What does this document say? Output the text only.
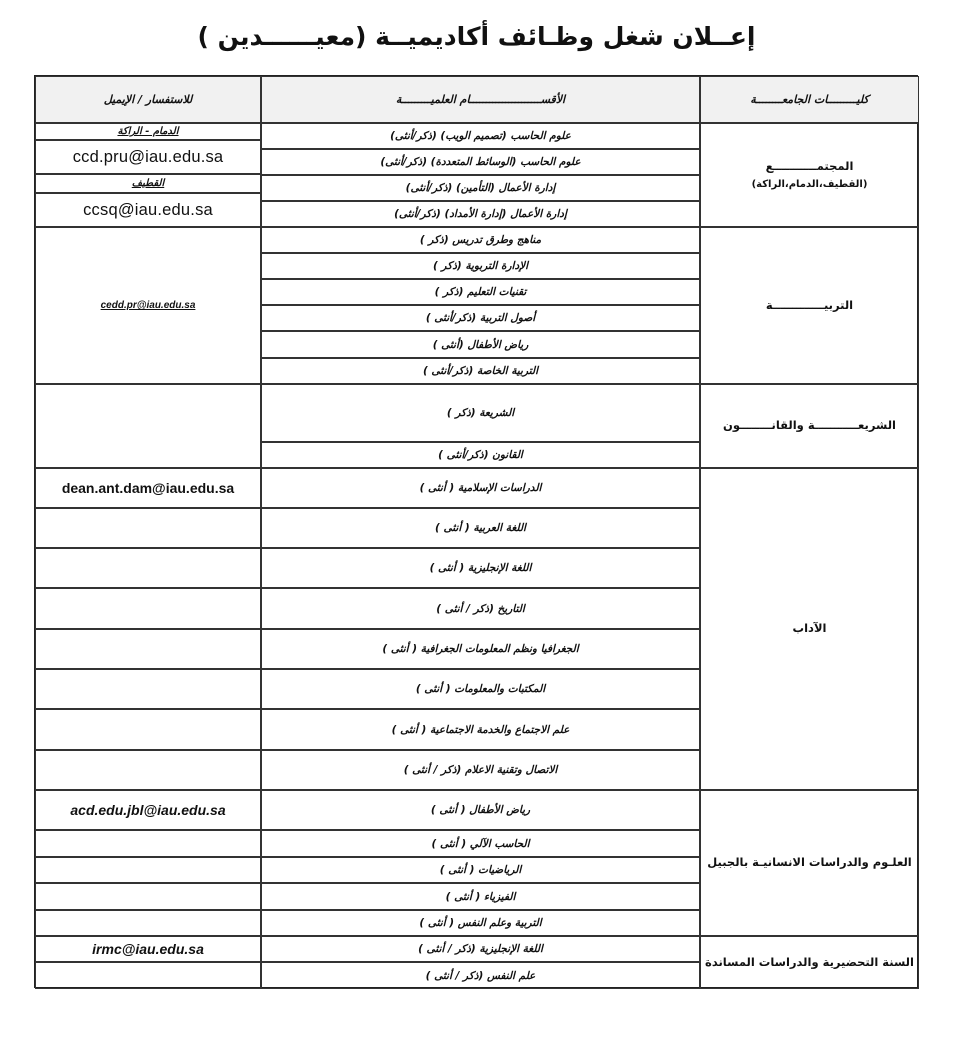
إعــلان شغل وظـائف أكاديميــة (معيــــــدين )
كليـــــــــات الجامعــــــــة
الأقســــــــــــــــــــــام العلميـــــــــة
للاستفسار / الإيميل
المجتمـــــــــــع
(القطيف،الدمام،الراكة)
علوم الحاسب (تصميم الويب) (ذكر/أنثى)
علوم الحاسب (الوسائط المتعددة) (ذكر/أنثى)
إدارة الأعمال (التأمين) (ذكر/أنثى)
إدارة الأعمال (إدارة الأمداد) (ذكر/أنثى)
الدمام - الراكة
ccd.pru@iau.edu.sa
القطيف
ccsq@iau.edu.sa
التربيـــــــــــــة
مناهج وطرق تدريس (ذكر )
الإدارة التربوية (ذكر )
تقنيات التعليم (ذكر )
أصول التربية (ذكر/أنثى )
رياض الأطفال (أنثى )
التربية الخاصة (ذكر/أنثى )
cedd.pr@iau.edu.sa
الشريعـــــــــــة والقانــــــــون
الشريعة (ذكر )
القانون (ذكر/أنثى )
الآداب
الدراسات الإسلامية ( أنثى )
اللغة العربية ( أنثى )
اللغة الإنجليزية ( أنثى )
التاريخ (ذكر / أنثى )
الجغرافيا ونظم المعلومات الجغرافية ( أنثى )
المكتبات والمعلومات ( أنثى )
علم الاجتماع والخدمة الاجتماعية ( أنثى )
الاتصال وتقنية الاعلام (ذكر / أنثى )
dean.ant.dam@iau.edu.sa
العلـوم والدراسات الانسانيـة بالجبيل
رياض الأطفال ( أنثى )
الحاسب الآلي ( أنثى )
الرياضيات ( أنثى )
الفيزياء ( أنثى )
التربية وعلم النفس ( أنثى )
acd.edu.jbl@iau.edu.sa
السنة التحضيرية والدراسات المساندة
اللغة الإنجليزية (ذكر / أنثى )
علم النفس (ذكر / أنثى )
irmc@iau.edu.sa
